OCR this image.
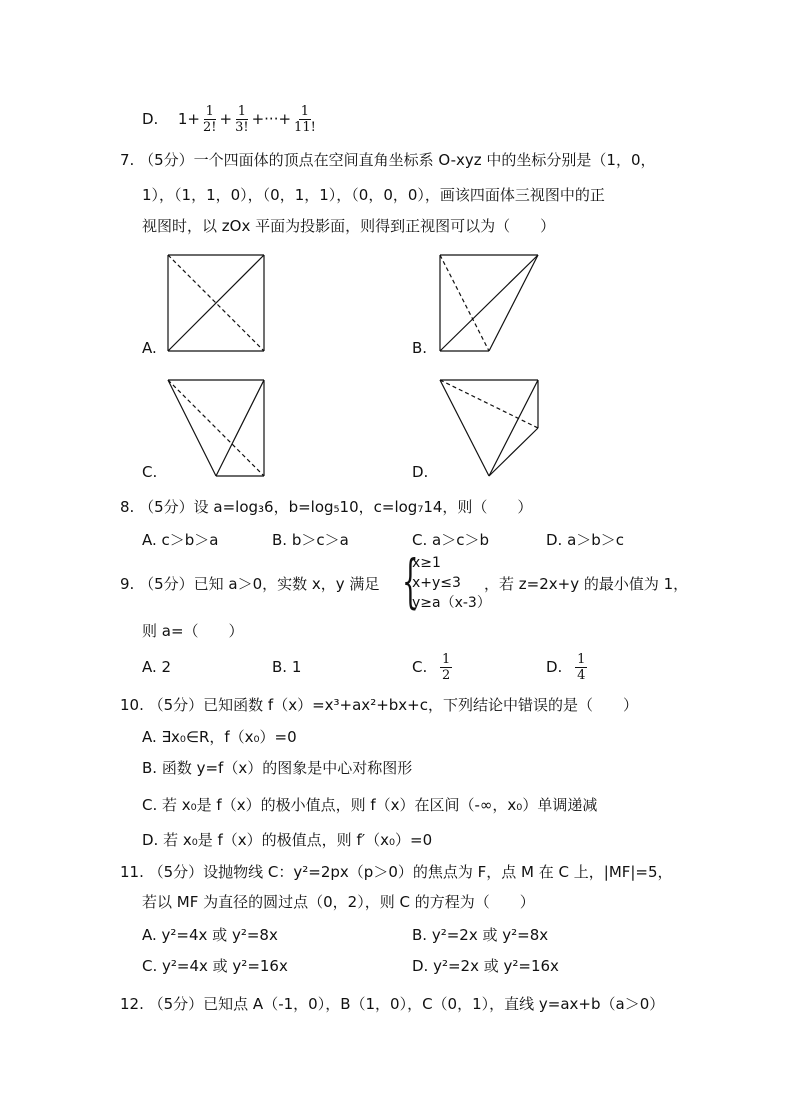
D. $1+ \frac{1}{2!} + \frac{1}{3!}$ +···+ $\frac{1}{11!}$
7. （5分）一个四面体的顶点在空间直角坐标系 O-xyz 中的坐标分别是（1，0，
1），（1，1，0），（0，1，1），（0，0，0），画该四面体三视图中的正
视图时，以 zOx 平面为投影面，则得到正视图可以为（　　）
A.	B.
C.	D.
8. （5分）设 a=log₃6，b=log₅10，c=log₇14，则（　　）
A. c＞b＞a	B. b＞c＞a	C. a＞c＞b	D. a＞b＞c
9. （5分）已知 a＞0，实数 x，y 满足 {
x≥1
x+y≤3
y≥a（x-3）
，若 z=2x+y 的最小值为 1，
则 a=（　　）
A. 2	B. 1	C. $\frac{1}{2}$	D. $\frac{1}{4}$
10. （5分）已知函数 f（x）=x³+ax²+bx+c，下列结论中错误的是（　　）
A. ∃x₀∈R，f（x₀）=0
B. 函数 y=f（x）的图象是中心对称图形
C. 若 x₀是 f（x）的极小值点，则 f（x）在区间（-∞，x₀）单调递减
D. 若 x₀是 f（x）的极值点，则 f′（x₀）=0
11. （5分）设抛物线 C：y²=2px（p＞0）的焦点为 F，点 M 在 C 上，|MF|=5，
若以 MF 为直径的圆过点（0，2），则 C 的方程为（　　）
A. y²=4x 或 y²=8x	B. y²=2x 或 y²=8x
C. y²=4x 或 y²=16x	D. y²=2x 或 y²=16x
12. （5分）已知点 A（-1，0），B（1，0），C（0，1），直线 y=ax+b（a＞0）
